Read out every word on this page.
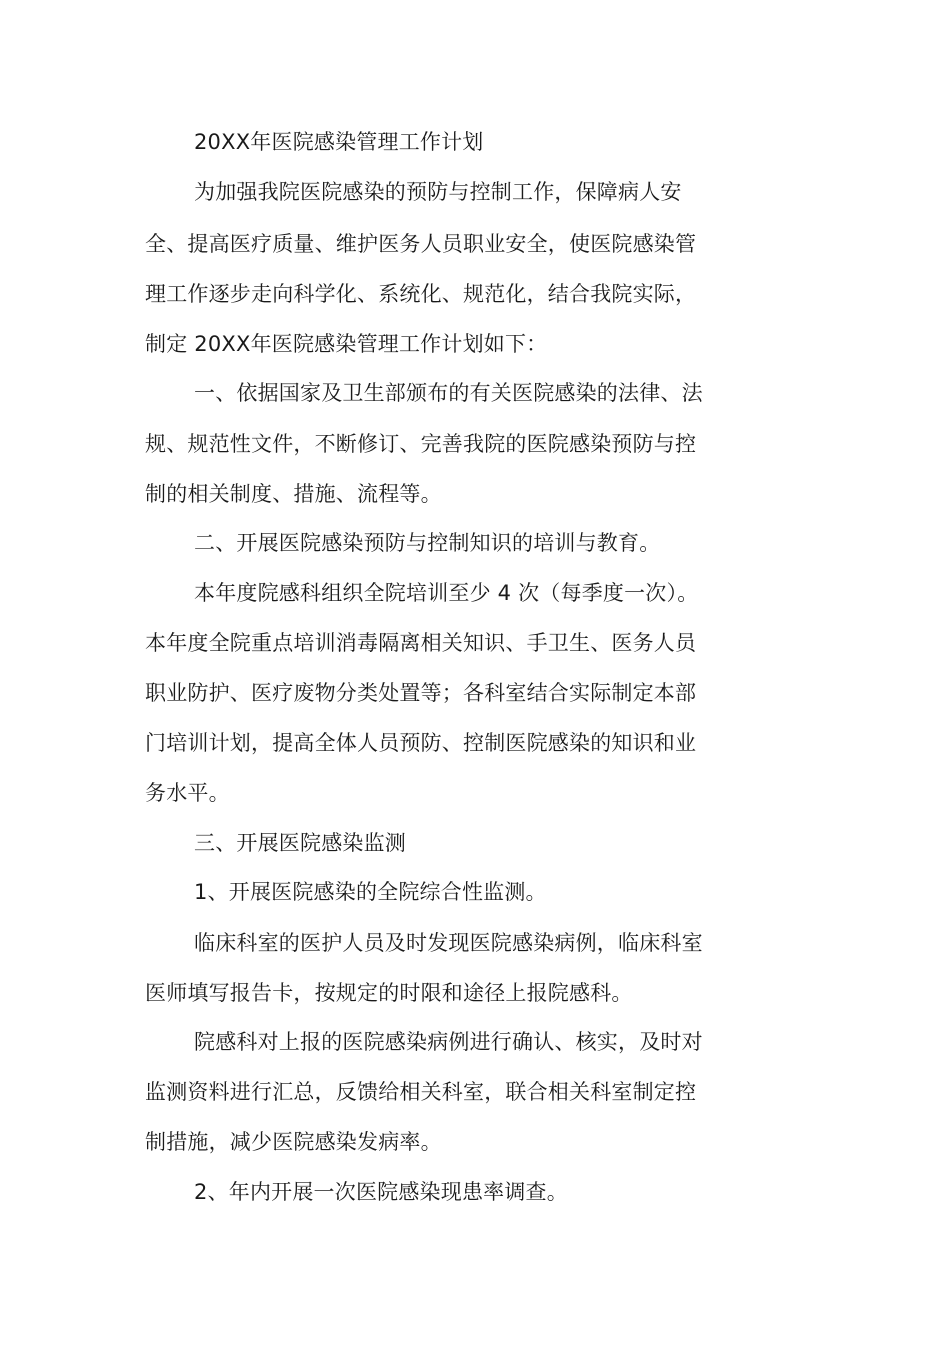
20XX年医院感染管理工作计划
为加强我院医院感染的预防与控制工作，保障病人安
全、提高医疗质量、维护医务人员职业安全，使医院感染管
理工作逐步走向科学化、系统化、规范化，结合我院实际，
制定 20XX年医院感染管理工作计划如下：
一、依据国家及卫生部颁布的有关医院感染的法律、法
规、规范性文件，不断修订、完善我院的医院感染预防与控
制的相关制度、措施、流程等。
二、开展医院感染预防与控制知识的培训与教育。
本年度院感科组织全院培训至少 4 次（每季度一次）。
本年度全院重点培训消毒隔离相关知识、手卫生、医务人员
职业防护、医疗废物分类处置等；各科室结合实际制定本部
门培训计划，提高全体人员预防、控制医院感染的知识和业
务水平。
三、开展医院感染监测
1、开展医院感染的全院综合性监测。
临床科室的医护人员及时发现医院感染病例，临床科室
医师填写报告卡，按规定的时限和途径上报院感科。
院感科对上报的医院感染病例进行确认、核实，及时对
监测资料进行汇总，反馈给相关科室，联合相关科室制定控
制措施，减少医院感染发病率。
2、年内开展一次医院感染现患率调查。
